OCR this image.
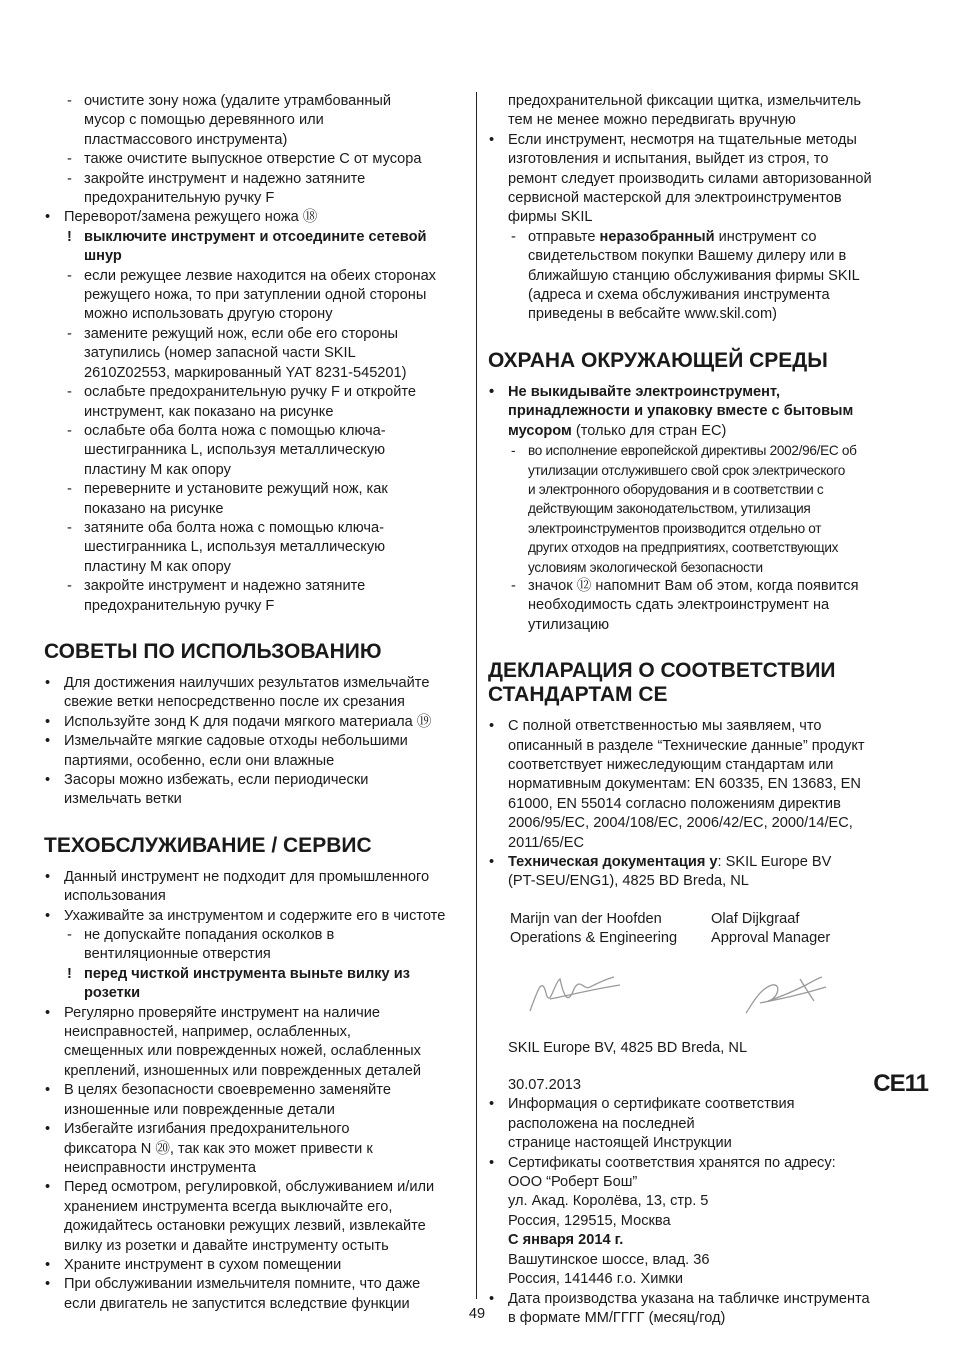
- очистите зону ножа (удалите утрамбованный
мусор с помощью деревянного или
пластмассового инструмента)
- также очистите выпускное отверстие C от мусора
- закройте инструмент и надежно затяните
предохранительную ручку F
• Переворот/замена режущего ножа ⑱
! выключите инструмент и отсоедините сетевой
шнур
- если режущее лезвие находится на обеих сторонах
режущего ножа, то при затуплении одной стороны
можно использовать другую сторону
- замените режущий нож, если обе его стороны
затупились (номер запасной части SKIL
2610Z02553, маркированный YAT 8231-545201)
- ослабьте предохранительную ручку F и откройте
инструмент, как показано на рисунке
- ослабьте оба болта ножа с помощью ключа-
шестигранника L, используя металлическую
пластину M как опору
- переверните и установите режущий нож, как
показано на рисунке
- затяните оба болта ножа с помощью ключа-
шестигранника L, используя металлическую
пластину M как опору
- закройте инструмент и надежно затяните
предохранительную ручку F
СОВЕТЫ ПО ИСПОЛЬЗОВАНИЮ
• Для достижения наилучших результатов измельчайте
свежие ветки непосредственно после их срезания
• Используйте зонд K для подачи мягкого материала ⑲
• Измельчайте мягкие садовые отходы небольшими
партиями, особенно, если они влажные
• Засоры можно избежать, если периодически
измельчать ветки
ТЕХОБСЛУЖИВАНИЕ / СЕРВИС
• Данный инструмент не подходит для промышленного
использования
• Ухаживайте за инструментом и содержите его в чистоте
- не допускайте попадания осколков в
вентиляционные отверстия
! перед чисткой инструмента выньте вилку из
розетки
• Регулярно проверяйте инструмент на наличие
неисправностей, например, ослабленных,
смещенных или поврежденных ножей, ослабленных
креплений, изношенных или поврежденных деталей
• В целях безопасности своевременно заменяйте
изношенные или поврежденные детали
• Избегайте изгибания предохранительного
фиксатора N ⑳, так как это может привести к
неисправности инструмента
• Перед осмотром, регулировкой, обслуживанием и/или
хранением инструмента всегда выключайте его,
дожидайтесь остановки режущих лезвий, извлекайте
вилку из розетки и давайте инструменту остыть
• Храните инструмент в сухом помещении
• При обслуживании измельчителя помните, что даже
если двигатель не запустится вследствие функции
предохранительной фиксации щитка, измельчитель
тем не менее можно передвигать вручную
• Если инструмент, несмотря на тщательные методы
изготовления и испытания, выйдет из строя, то
ремонт следует производить силами авторизованной
сервисной мастерской для электроинструментов
фирмы SKIL
- отправьте неразобранный инструмент со
свидетельством покупки Вашему дилеру или в
ближайшую станцию обслуживания фирмы SKIL
(адреса и схема обслуживания инструмента
приведены в вебсайте www.skil.com)
ОХРАНА ОКРУЖАЮЩЕЙ СРЕДЫ
• Не выкидывайте электроинструмент,
принадлежности и упаковку вместе с бытовым
мусором (только для стран ЕС)
- во исполнение европейской директивы 2002/96/ЕС об
утилизации отслужившего свой срок электрического
и электронного оборудования и в соответствии с
действующим законодательством, утилизация
электроинструментов производится отдельно от
других отходов на предприятиях, соответствующих
условиям экологической безопасности
- значок ⑫ напомнит Вам об этом, когда появится
необходимость сдать электроинструмент на
утилизацию
ДЕКЛАРАЦИЯ О СООТВЕТСТВИИ
СТАНДАРТАМ CE
• С полной ответственностью мы заявляем, что
описанный в разделе “Технические данные” продукт
соответствует нижеследующим стандартам или
нормативным документам: EN 60335, EN 13683, EN
61000, EN 55014 согласно положениям директив
2006/95/EC, 2004/108/EC, 2006/42/EC, 2000/14/EC,
2011/65/EC
• Техническая документация у: SKIL Europe BV
(PT-SEU/ENG1), 4825 BD Breda, NL
Marijn van der Hoofden
Operations & Engineering
Olaf Dijkgraaf
Approval Manager
SKIL Europe BV, 4825 BD Breda, NL
30.07.2013	CE11
• Информация о сертификате соответствия
расположена на последней
странице настоящей Инструкции
• Сертификаты соответствия хранятся по адресу:
ООО “Роберт Бош”
ул. Акад. Королёва, 13, стр. 5
Россия, 129515, Москва
С января 2014 г.
Вашутинское шоссе, влад. 36
Россия, 141446 г.о. Химки
• Дата производства указана на табличке инструмента
в формате ММ/ГГГГ (месяц/год)
49
